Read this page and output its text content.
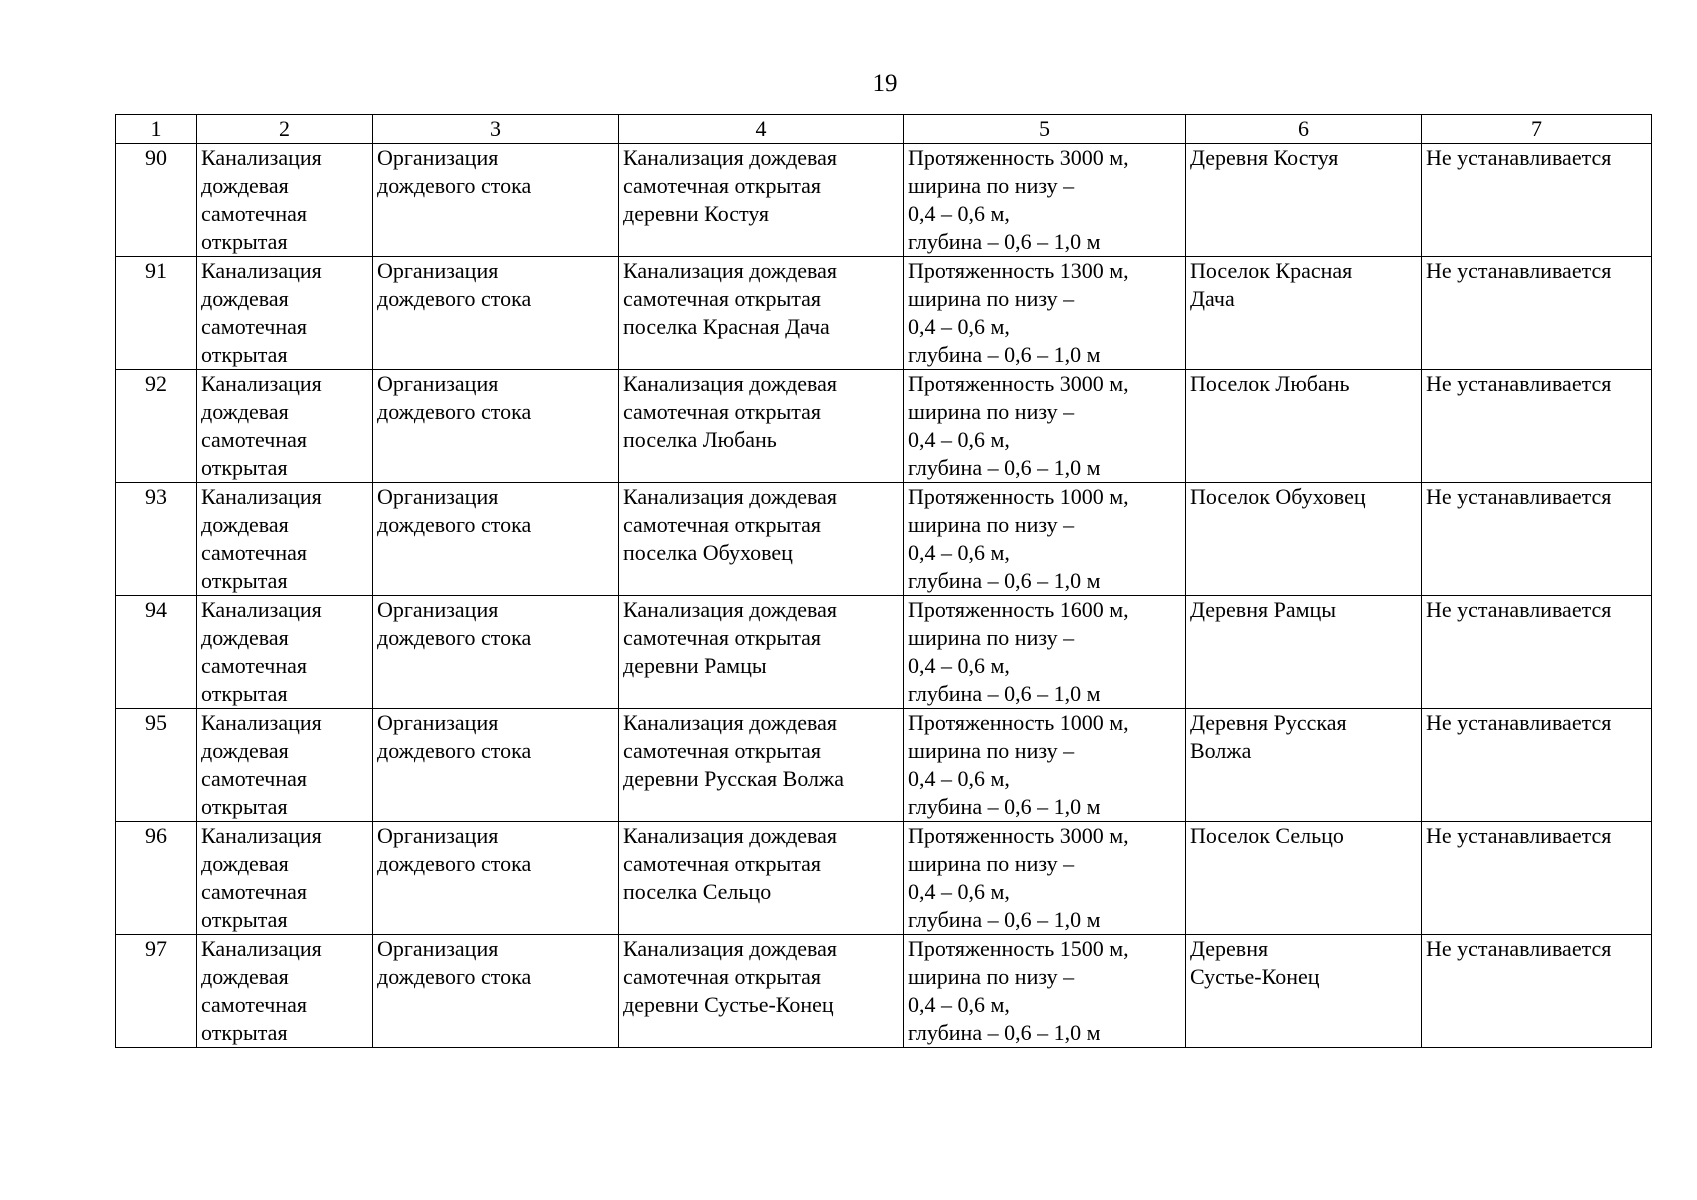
19
1	2	3	4	5	6	7
90	Канализация
дождевая
самотечная
открытая	Организация
дождевого стока	Канализация дождевая
самотечная открытая
деревни Костуя	Протяженность 3000 м,
ширина по низу –
0,4 – 0,6 м,
глубина – 0,6 – 1,0 м	Деревня Костуя	Не устанавливается
91	Канализация
дождевая
самотечная
открытая	Организация
дождевого стока	Канализация дождевая
самотечная открытая
поселка Красная Дача	Протяженность 1300 м,
ширина по низу –
0,4 – 0,6 м,
глубина – 0,6 – 1,0 м	Поселок Красная
Дача	Не устанавливается
92	Канализация
дождевая
самотечная
открытая	Организация
дождевого стока	Канализация дождевая
самотечная открытая
поселка Любань	Протяженность 3000 м,
ширина по низу –
0,4 – 0,6 м,
глубина – 0,6 – 1,0 м	Поселок Любань	Не устанавливается
93	Канализация
дождевая
самотечная
открытая	Организация
дождевого стока	Канализация дождевая
самотечная открытая
поселка Обуховец	Протяженность 1000 м,
ширина по низу –
0,4 – 0,6 м,
глубина – 0,6 – 1,0 м	Поселок Обуховец	Не устанавливается
94	Канализация
дождевая
самотечная
открытая	Организация
дождевого стока	Канализация дождевая
самотечная открытая
деревни Рамцы	Протяженность 1600 м,
ширина по низу –
0,4 – 0,6 м,
глубина – 0,6 – 1,0 м	Деревня Рамцы	Не устанавливается
95	Канализация
дождевая
самотечная
открытая	Организация
дождевого стока	Канализация дождевая
самотечная открытая
деревни Русская Волжа	Протяженность 1000 м,
ширина по низу –
0,4 – 0,6 м,
глубина – 0,6 – 1,0 м	Деревня Русская
Волжа	Не устанавливается
96	Канализация
дождевая
самотечная
открытая	Организация
дождевого стока	Канализация дождевая
самотечная открытая
поселка Сельцо	Протяженность 3000 м,
ширина по низу –
0,4 – 0,6 м,
глубина – 0,6 – 1,0 м	Поселок Сельцо	Не устанавливается
97	Канализация
дождевая
самотечная
открытая	Организация
дождевого стока	Канализация дождевая
самотечная открытая
деревни Сустье-Конец	Протяженность 1500 м,
ширина по низу –
0,4 – 0,6 м,
глубина – 0,6 – 1,0 м	Деревня
Сустье-Конец	Не устанавливается
